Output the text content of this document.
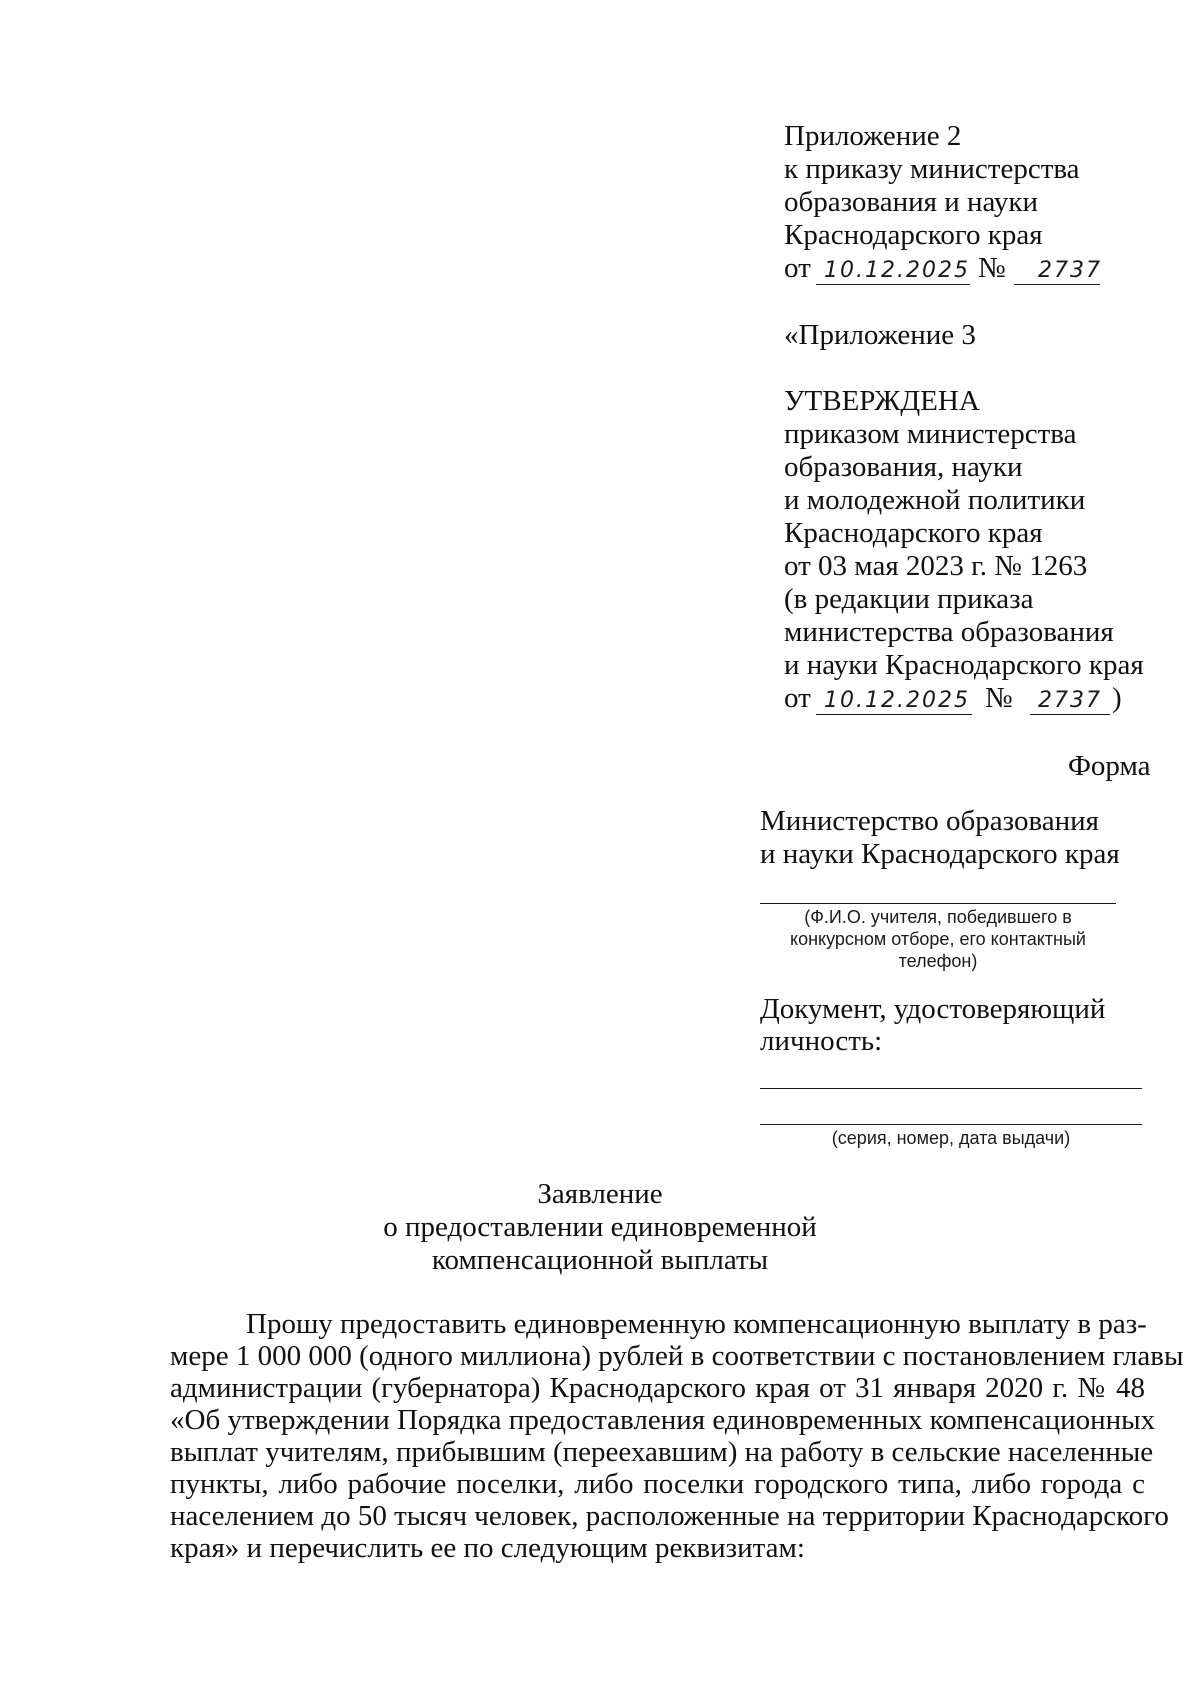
Приложение 2
к приказу министерства
образования и науки
Краснодарского края
от 10.12.2025 № 2737
«Приложение 3
УТВЕРЖДЕНА
приказом министерства
образования, науки
и молодежной политики
Краснодарского края
от 03 мая 2023 г. № 1263
(в редакции приказа
министерства образования
и науки Краснодарского края
от 10.12.2025 № 2737 )
Форма
Министерство образования
и науки Краснодарского края
(Ф.И.О. учителя, победившего в
конкурсном отборе, его контактный
телефон)
Документ, удостоверяющий
личность:
(серия, номер, дата выдачи)
Заявление
о предоставлении единовременной
компенсационной выплаты
Прошу предоставить единовременную компенсационную выплату в раз-
мере 1 000 000 (одного миллиона) рублей в соответствии с постановлением главы
администрации (губернатора) Краснодарского края от 31 января 2020 г. № 48
«Об утверждении Порядка предоставления единовременных компенсационных
выплат учителям, прибывшим (переехавшим) на работу в сельские населенные
пункты, либо рабочие поселки, либо поселки городского типа, либо города с
населением до 50 тысяч человек, расположенные на территории Краснодарского
края» и перечислить ее по следующим реквизитам:
